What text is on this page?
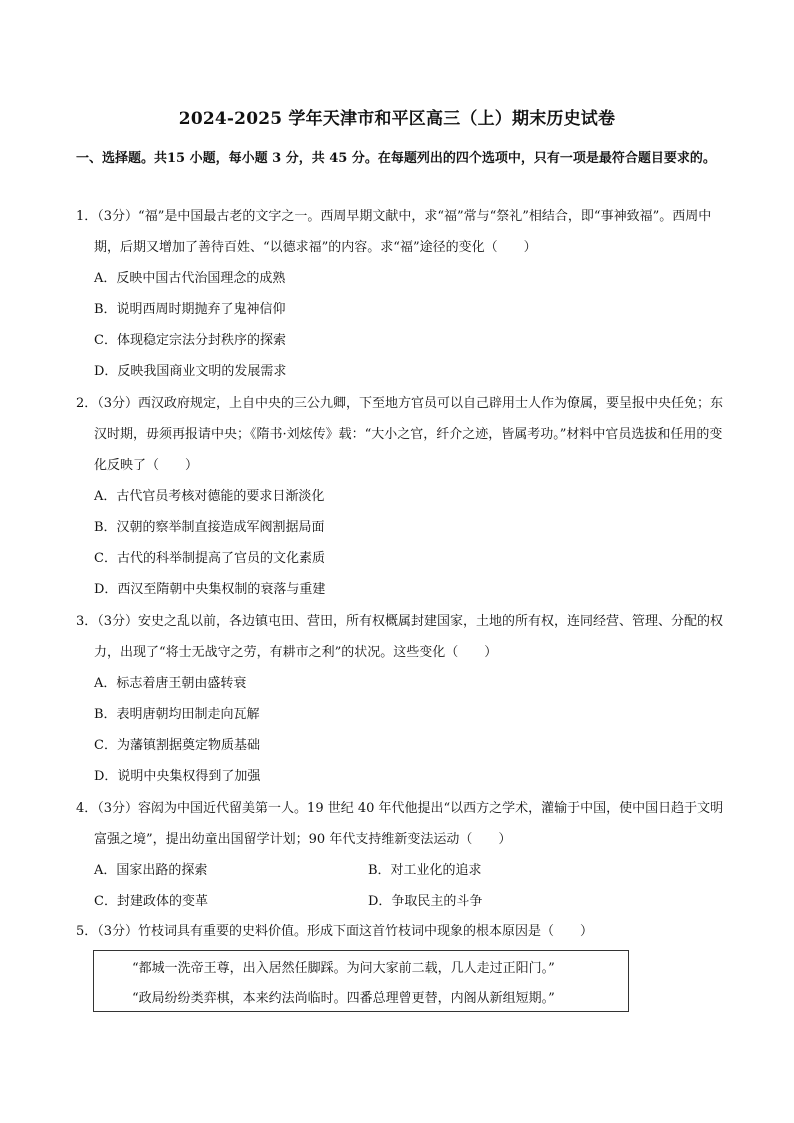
2024-2025 学年天津市和平区高三（上）期末历史试卷
一、选择题。共15 小题，每小题 3 分，共 45 分。在每题列出的四个选项中，只有一项是最符合题目要求的。
1．（3分）“福”是中国最古老的文字之一。西周早期文献中，求“福”常与“祭礼”相结合，即“事神致福”。西周中期，后期又增加了善待百姓、“以德求福”的内容。求“福”途径的变化（　　）
A．反映中国古代治国理念的成熟
B．说明西周时期抛弃了鬼神信仰
C．体现稳定宗法分封秩序的探索
D．反映我国商业文明的发展需求
2．（3分）西汉政府规定，上自中央的三公九卿，下至地方官员可以自己辟用士人作为僚属，要呈报中央任免；东汉时期，毋须再报请中央；《隋书·刘炫传》载：“大小之官，纤介之迹，皆属考功。”材料中官员选拔和任用的变化反映了（　　）
A．古代官员考核对德能的要求日渐淡化
B．汉朝的察举制直接造成军阀割据局面
C．古代的科举制提高了官员的文化素质
D．西汉至隋朝中央集权制的衰落与重建
3．（3分）安史之乱以前，各边镇屯田、营田，所有权概属封建国家，土地的所有权，连同经营、管理、分配的权力，出现了“将士无战守之劳，有耕市之利”的状况。这些变化（　　）
A．标志着唐王朝由盛转衰
B．表明唐朝均田制走向瓦解
C．为藩镇割据奠定物质基础
D．说明中央集权得到了加强
4．（3分）容闳为中国近代留美第一人。19 世纪 40 年代他提出“以西方之学术，灌输于中国，使中国日趋于文明富强之境”，提出幼童出国留学计划；90 年代支持维新变法运动（　　）
A．国家出路的探索	B．对工业化的追求
C．封建政体的变革	D．争取民主的斗争
5．（3分）竹枝词具有重要的史料价值。形成下面这首竹枝词中现象的根本原因是（　　）
“都城一洗帝王尊，出入居然任脚踩。为问大家前二载，几人走过正阳门。”
“政局纷纷类弈棋，本来约法尚临时。四番总理曾更替，内阁从新组短期。”
